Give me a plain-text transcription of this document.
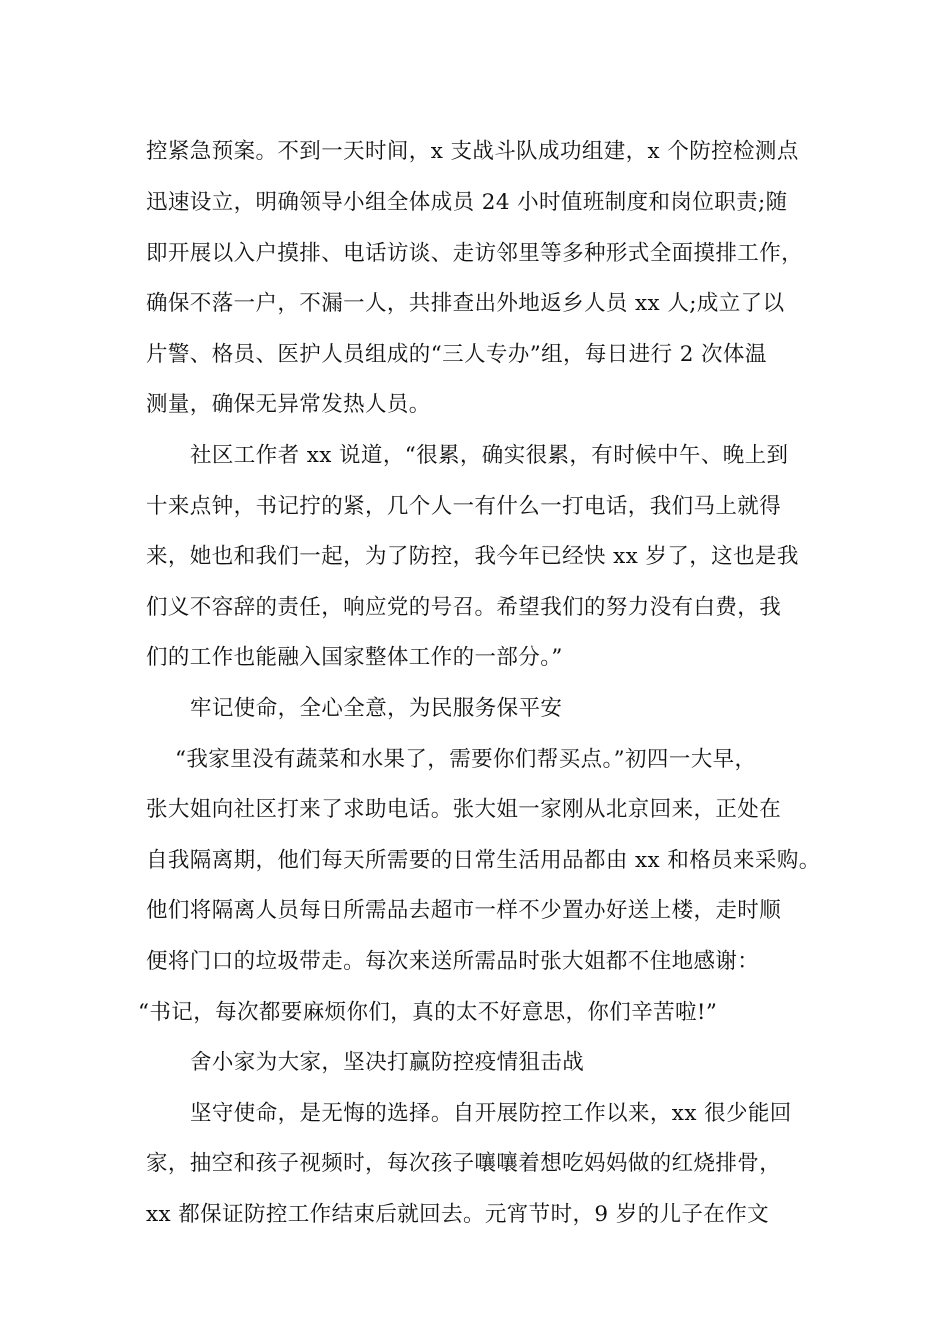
控紧急预案。不到一天时间，x 支战斗队成功组建，x 个防控检测点
迅速设立，明确领导小组全体成员 24 小时值班制度和岗位职责;随
即开展以入户摸排、电话访谈、走访邻里等多种形式全面摸排工作，
确保不落一户，不漏一人，共排查出外地返乡人员 xx 人;成立了以
片警、格员、医护人员组成的“三人专办”组，每日进行 2 次体温
测量，确保无异常发热人员。
社区工作者 xx 说道，“很累，确实很累，有时候中午、晚上到
十来点钟，书记拧的紧，几个人一有什么一打电话，我们马上就得
来，她也和我们一起，为了防控，我今年已经快 xx 岁了，这也是我
们义不容辞的责任，响应党的号召。希望我们的努力没有白费，我
们的工作也能融入国家整体工作的一部分。”
牢记使命，全心全意，为民服务保平安
“我家里没有蔬菜和水果了，需要你们帮买点。”初四一大早，
张大姐向社区打来了求助电话。张大姐一家刚从北京回来，正处在
自我隔离期，他们每天所需要的日常生活用品都由 xx 和格员来采购。
他们将隔离人员每日所需品去超市一样不少置办好送上楼，走时顺
便将门口的垃圾带走。每次来送所需品时张大姐都不住地感谢：
“书记，每次都要麻烦你们，真的太不好意思，你们辛苦啦!”
舍小家为大家，坚决打赢防控疫情狙击战
坚守使命，是无悔的选择。自开展防控工作以来，xx 很少能回
家，抽空和孩子视频时，每次孩子嚷嚷着想吃妈妈做的红烧排骨，
xx 都保证防控工作结束后就回去。元宵节时，9 岁的儿子在作文
